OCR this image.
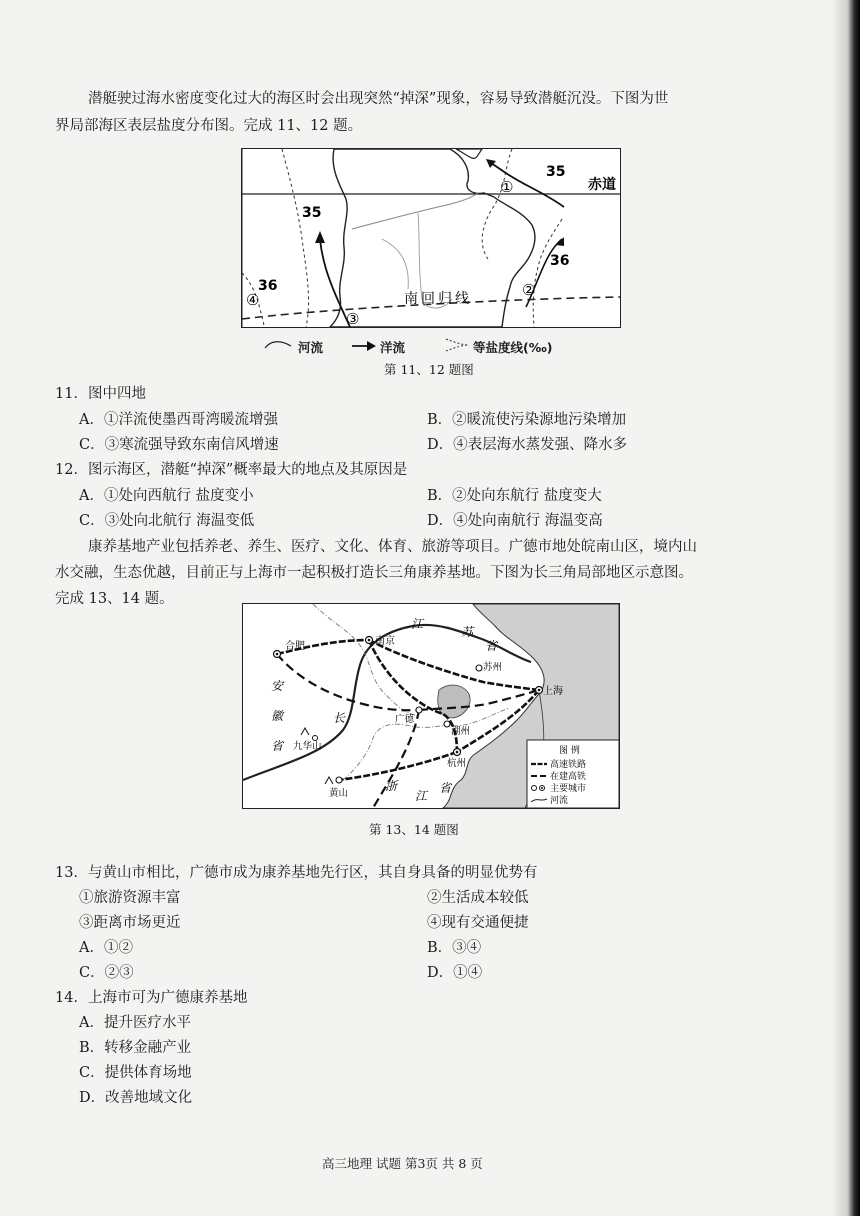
潜艇驶过海水密度变化过大的海区时会出现突然“掉深”现象，容易导致潜艇沉没。下图为世
界局部海区表层盐度分布图。完成 11、12 题。
①
②
③
④
赤道
35
35
36
36
南回归线
河流	洋流	等盐度线(‰)
第 11、12 题图
11．图中四地
A．①洋流使墨西哥湾暖流增强	B．②暖流使污染源地污染增加
C．③寒流强导致东南信风增速	D．④表层海水蒸发强、降水多
12．图示海区，潜艇“掉深”概率最大的地点及其原因是
A．①处向西航行 盐度变小	B．②处向东航行 盐度变大
C．③处向北航行 海温变低	D．④处向南航行 海温变高
康养基地产业包括养老、养生、医疗、文化、体育、旅游等项目。广德市地处皖南山区，境内山
水交融，生态优越，目前正与上海市一起积极打造长三角康养基地。下图为长三角局部地区示意图。
完成 13、14 题。
合肥	南京
江
苏
省
安
徽
省
长
九华山
广德
苏州
湖州
上海
杭州
黄山
浙
江
省
图 例
高速铁路
在建高铁
主要城市
河流
第 13、14 题图
13．与黄山市相比，广德市成为康养基地先行区，其自身具备的明显优势有
①旅游资源丰富	②生活成本较低
③距离市场更近	④现有交通便捷
A．①②	B．③④
C．②③	D．①④
14．上海市可为广德康养基地
A．提升医疗水平
B．转移金融产业
C．提供体育场地
D．改善地域文化
高三地理 试题 第3页 共 8 页
